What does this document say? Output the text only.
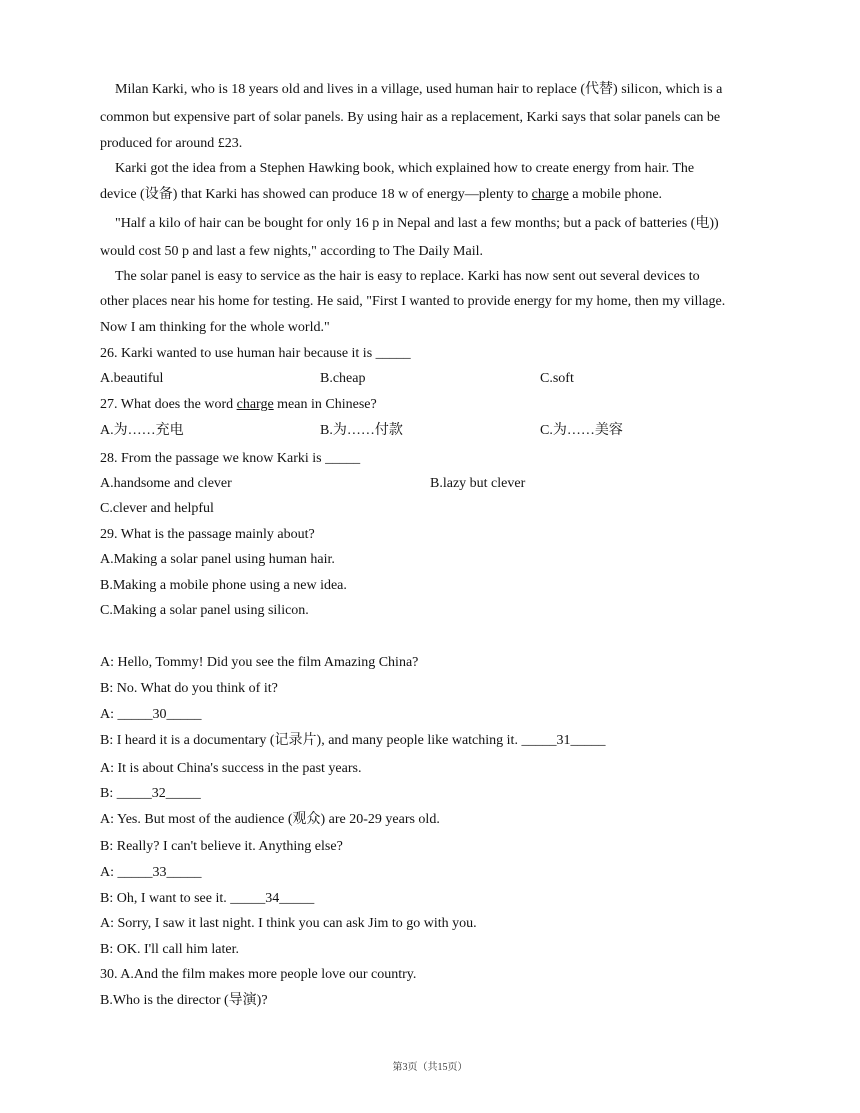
Milan Karki, who is 18 years old and lives in a village, used human hair to replace (代替) silicon, which is a
common but expensive part of solar panels. By using hair as a replacement, Karki says that solar panels can be
produced for around £23.
Karki got the idea from a Stephen Hawking book, which explained how to create energy from hair. The
device (设备) that Karki has showed can produce 18 w of energy—plenty to charge a mobile phone.
"Half a kilo of hair can be bought for only 16 p in Nepal and last a few months; but a pack of batteries (电))
would cost 50 p and last a few nights," according to The Daily Mail.
The solar panel is easy to service as the hair is easy to replace. Karki has now sent out several devices to
other places near his home for testing. He said, "First I wanted to provide energy for my home, then my village.
Now I am thinking for the whole world."
26. Karki wanted to use human hair because it is _____
A.beautiful	B.cheap	C.soft
27. What does the word charge mean in Chinese?
A.为……充电	B.为……付款	C.为……美容
28. From the passage we know Karki is _____
A.handsome and clever	B.lazy but clever
C.clever and helpful
29. What is the passage mainly about?
A.Making a solar panel using human hair.
B.Making a mobile phone using a new idea.
C.Making a solar panel using silicon.
A: Hello, Tommy! Did you see the film Amazing China?
B: No. What do you think of it?
A: _____30_____
B: I heard it is a documentary (记录片), and many people like watching it. _____31_____
A: It is about China's success in the past years.
B: _____32_____
A: Yes. But most of the audience (观众) are 20-29 years old.
B: Really? I can't believe it. Anything else?
A: _____33_____
B: Oh, I want to see it. _____34_____
A: Sorry, I saw it last night. I think you can ask Jim to go with you.
B: OK. I'll call him later.
30. A.And the film makes more people love our country.
B.Who is the director (导演)?
第3页（共15页）
